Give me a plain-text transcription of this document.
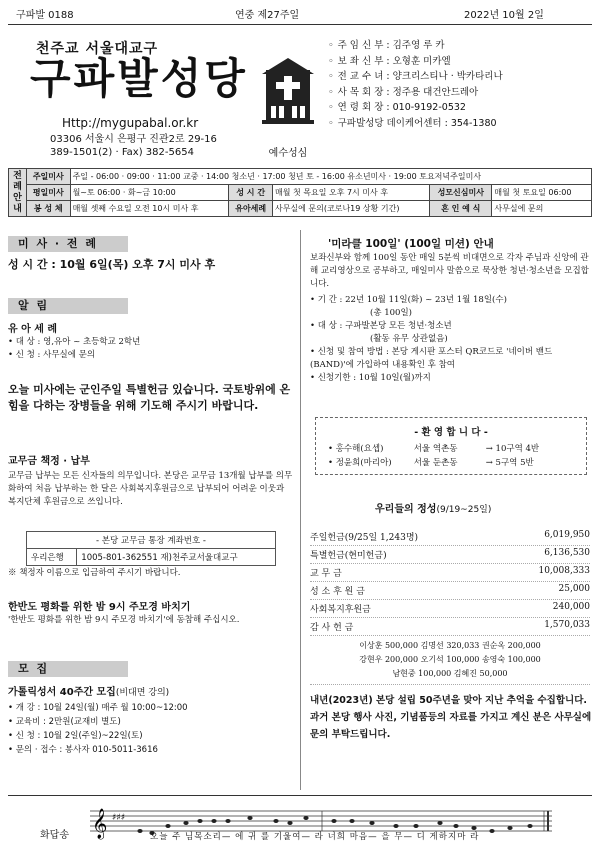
구파발 0188	연중 제27주일	2022년 10월 2일
천주교 서울대교구
구파발성당
Http://mygupabal.or.kr
03306 서울시 은평구 진관2로 29-16
389-1501(2) · Fax) 382-5654	예수성심
◦ 주 임 신 부 : 김주영 루 카
◦ 보 좌 신 부 : 오형훈 미카엘
◦ 전 교 수 녀 : 양크리스티나 · 박카타리나
◦ 사 목 회 장 : 정주용 대건안드레아
◦ 연 령 회 장 : 010-9192-0532
◦ 구파발성당 데이케어센터 : 354-1380
전례안내	주일미사	주일 - 06:00 · 09:00 · 11:00 교중 · 14:00 청소년 · 17:00 청년 토 - 16:00 유소년미사 · 19:00 토요저녁주일미사				
	평일미사	월~토 06:00 · 화~금 10:00	성 시 간	매월 첫 목요일 오후 7시 미사 후	성모신심미사	매월 첫 토요일 06:00
	봉 성 체	매월 셋째 수요일 오전 10시 미사 후	유아세례	사무실에 문의(코로나19 상황 기간)	혼 인 예 식	사무실에 문의
미 사 · 전 례
성 시 간 : 10월 6일(목) 오후 7시 미사 후
알 림
유 아 세 례
• 대 상 : 영,유아 ~ 초등학교 2학년
• 신 청 : 사무실에 문의
오늘 미사에는 군인주일 특별헌금 있습니다. 국토방위에 온 힘을 다하는 장병들을 위해 기도해 주시기 바랍니다.
교무금 책정 · 납부
교무금 납부는 모든 신자들의 의무입니다. 본당은 교무금 13개월 납부를 의무화하여 처음 납부하는 한 달은 사회복지후원금으로 납부되어 어려운 이웃과 복지단체 후원금으로 쓰입니다.
- 본당 교무금 통장 계좌번호 -
우리은행	1005-801-362551 재)천주교서울대교구
※ 책정자 이름으로 입금하여 주시기 바랍니다.
한반도 평화를 위한 밤 9시 주모경 바치기
'한반도 평화를 위한 밤 9시 주모경 바치기'에 동참해 주십시오.
모 집
가톨릭성서 40주간 모집(비대면 강의)
• 개 강 : 10월 24일(월) 매주 월 10:00~12:00
• 교육비 : 2만원(교재비 별도)
• 신 청 : 10월 2일(주일)~22일(토)
• 문의 · 접수 : 봉사자 010-5011-3616
'미라클 100일' (100일 미션) 안내
보좌신부와 함께 100일 동안 매일 5분씩 비대면으로 각자 주님과 신앙에 관해 교리영상으로 공부하고, 매일미사 말씀으로 묵상한 청년·청소년을 모집합니다.
• 기 간 : 22년 10월 11일(화) ~ 23년 1월 18일(수)
(총 100일)
• 대 상 : 구파발본당 모든 청년·청소년
(활동 유무 상관없음)
• 신청 및 참여 방법 : 본당 게시판 포스터 QR코드로 '네이버 밴드(BAND)'에 가입하여 내용확인 후 참여
• 신청기한 : 10월 10일(월)까지
- 환 영 합 니 다 -
• 홍수해(요셉)	서울 역촌동	→ 10구역 4반
• 정윤희(마리아)	서울 둔촌동	→ 5구역 5반
우리들의 정성(9/19~25일)
주일헌금(9/25일 1,243명)	6,019,950
특별헌금(현미헌금)	6,136,530
교 무 금	10,008,333
성 소 후 원 금	25,000
사회복지후원금	240,000
감 사 헌 금	1,570,033
이상훈 500,000 김명선 320,033 권순옥 200,000
강현우 200,000 오기석 100,000 송영숙 100,000
남현중 100,000 김혜진 50,000
내년(2023년) 본당 설립 50주년을 맞아 지난 추억을 수집합니다. 과거 본당 행사 사진, 기념품등의 자료를 가지고 계신 분은 사무실에 문의 부탁드립니다.
화답송 𝄞 ♯♯♯
오늘 주 님목소리— 에 귀 를 기울여— 라 너희 마음— 을 무— 디 게하지마 라
